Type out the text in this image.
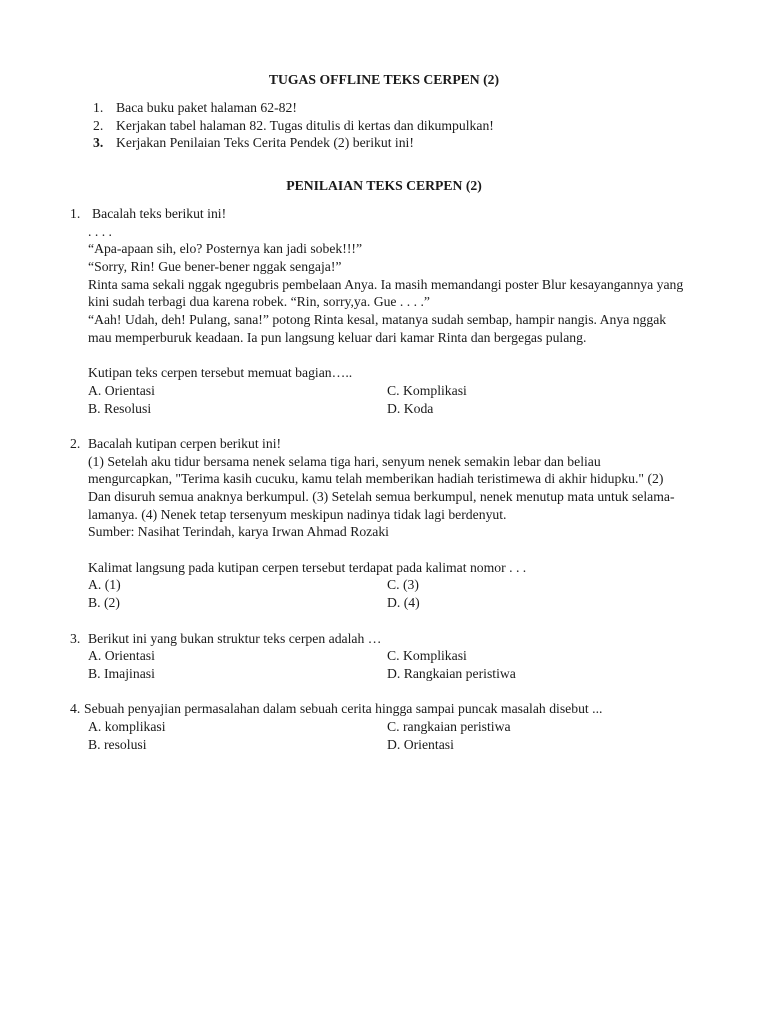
TUGAS OFFLINE TEKS CERPEN (2)
1. Baca buku paket halaman 62-82!
2. Kerjakan tabel halaman 82. Tugas ditulis di kertas dan dikumpulkan!
3. Kerjakan Penilaian Teks Cerita Pendek (2) berikut ini!
PENILAIAN TEKS CERPEN (2)
1. Bacalah teks berikut ini!
. . . .
“Apa-apaan sih, elo? Posternya kan jadi sobek!!!”
“Sorry, Rin! Gue bener-bener nggak sengaja!”
Rinta sama sekali nggak ngegubris pembelaan Anya. Ia masih memandangi poster Blur kesayangannya yang
kini sudah terbagi dua karena robek. “Rin, sorry,ya. Gue . . . .”
“Aah! Udah, deh! Pulang, sana!” potong Rinta kesal, matanya sudah sembap, hampir nangis. Anya nggak
mau memperburuk keadaan. Ia pun langsung keluar dari kamar Rinta dan bergegas pulang.
Kutipan teks cerpen tersebut memuat bagian…..
A. Orientasi	C. Komplikasi
B. Resolusi	D. Koda
2. Bacalah kutipan cerpen berikut ini!
(1) Setelah aku tidur bersama nenek selama tiga hari, senyum nenek semakin lebar dan beliau
mengurcapkan, "Terima kasih cucuku, kamu telah memberikan hadiah teristimewa di akhir hidupku." (2)
Dan disuruh semua anaknya berkumpul. (3) Setelah semua berkumpul, nenek menutup mata untuk selama-
lamanya. (4) Nenek tetap tersenyum meskipun nadinya tidak lagi berdenyut.
Sumber: Nasihat Terindah, karya Irwan Ahmad Rozaki
Kalimat langsung pada kutipan cerpen tersebut terdapat pada kalimat nomor . . .
A. (1)	C. (3)
B. (2)	D. (4)
3. Berikut ini yang bukan struktur teks cerpen adalah …
A. Orientasi	C. Komplikasi
B. Imajinasi	D. Rangkaian peristiwa
4. Sebuah penyajian permasalahan dalam sebuah cerita hingga sampai puncak masalah disebut ...
A. komplikasi	C. rangkaian peristiwa
B. resolusi	D. Orientasi
